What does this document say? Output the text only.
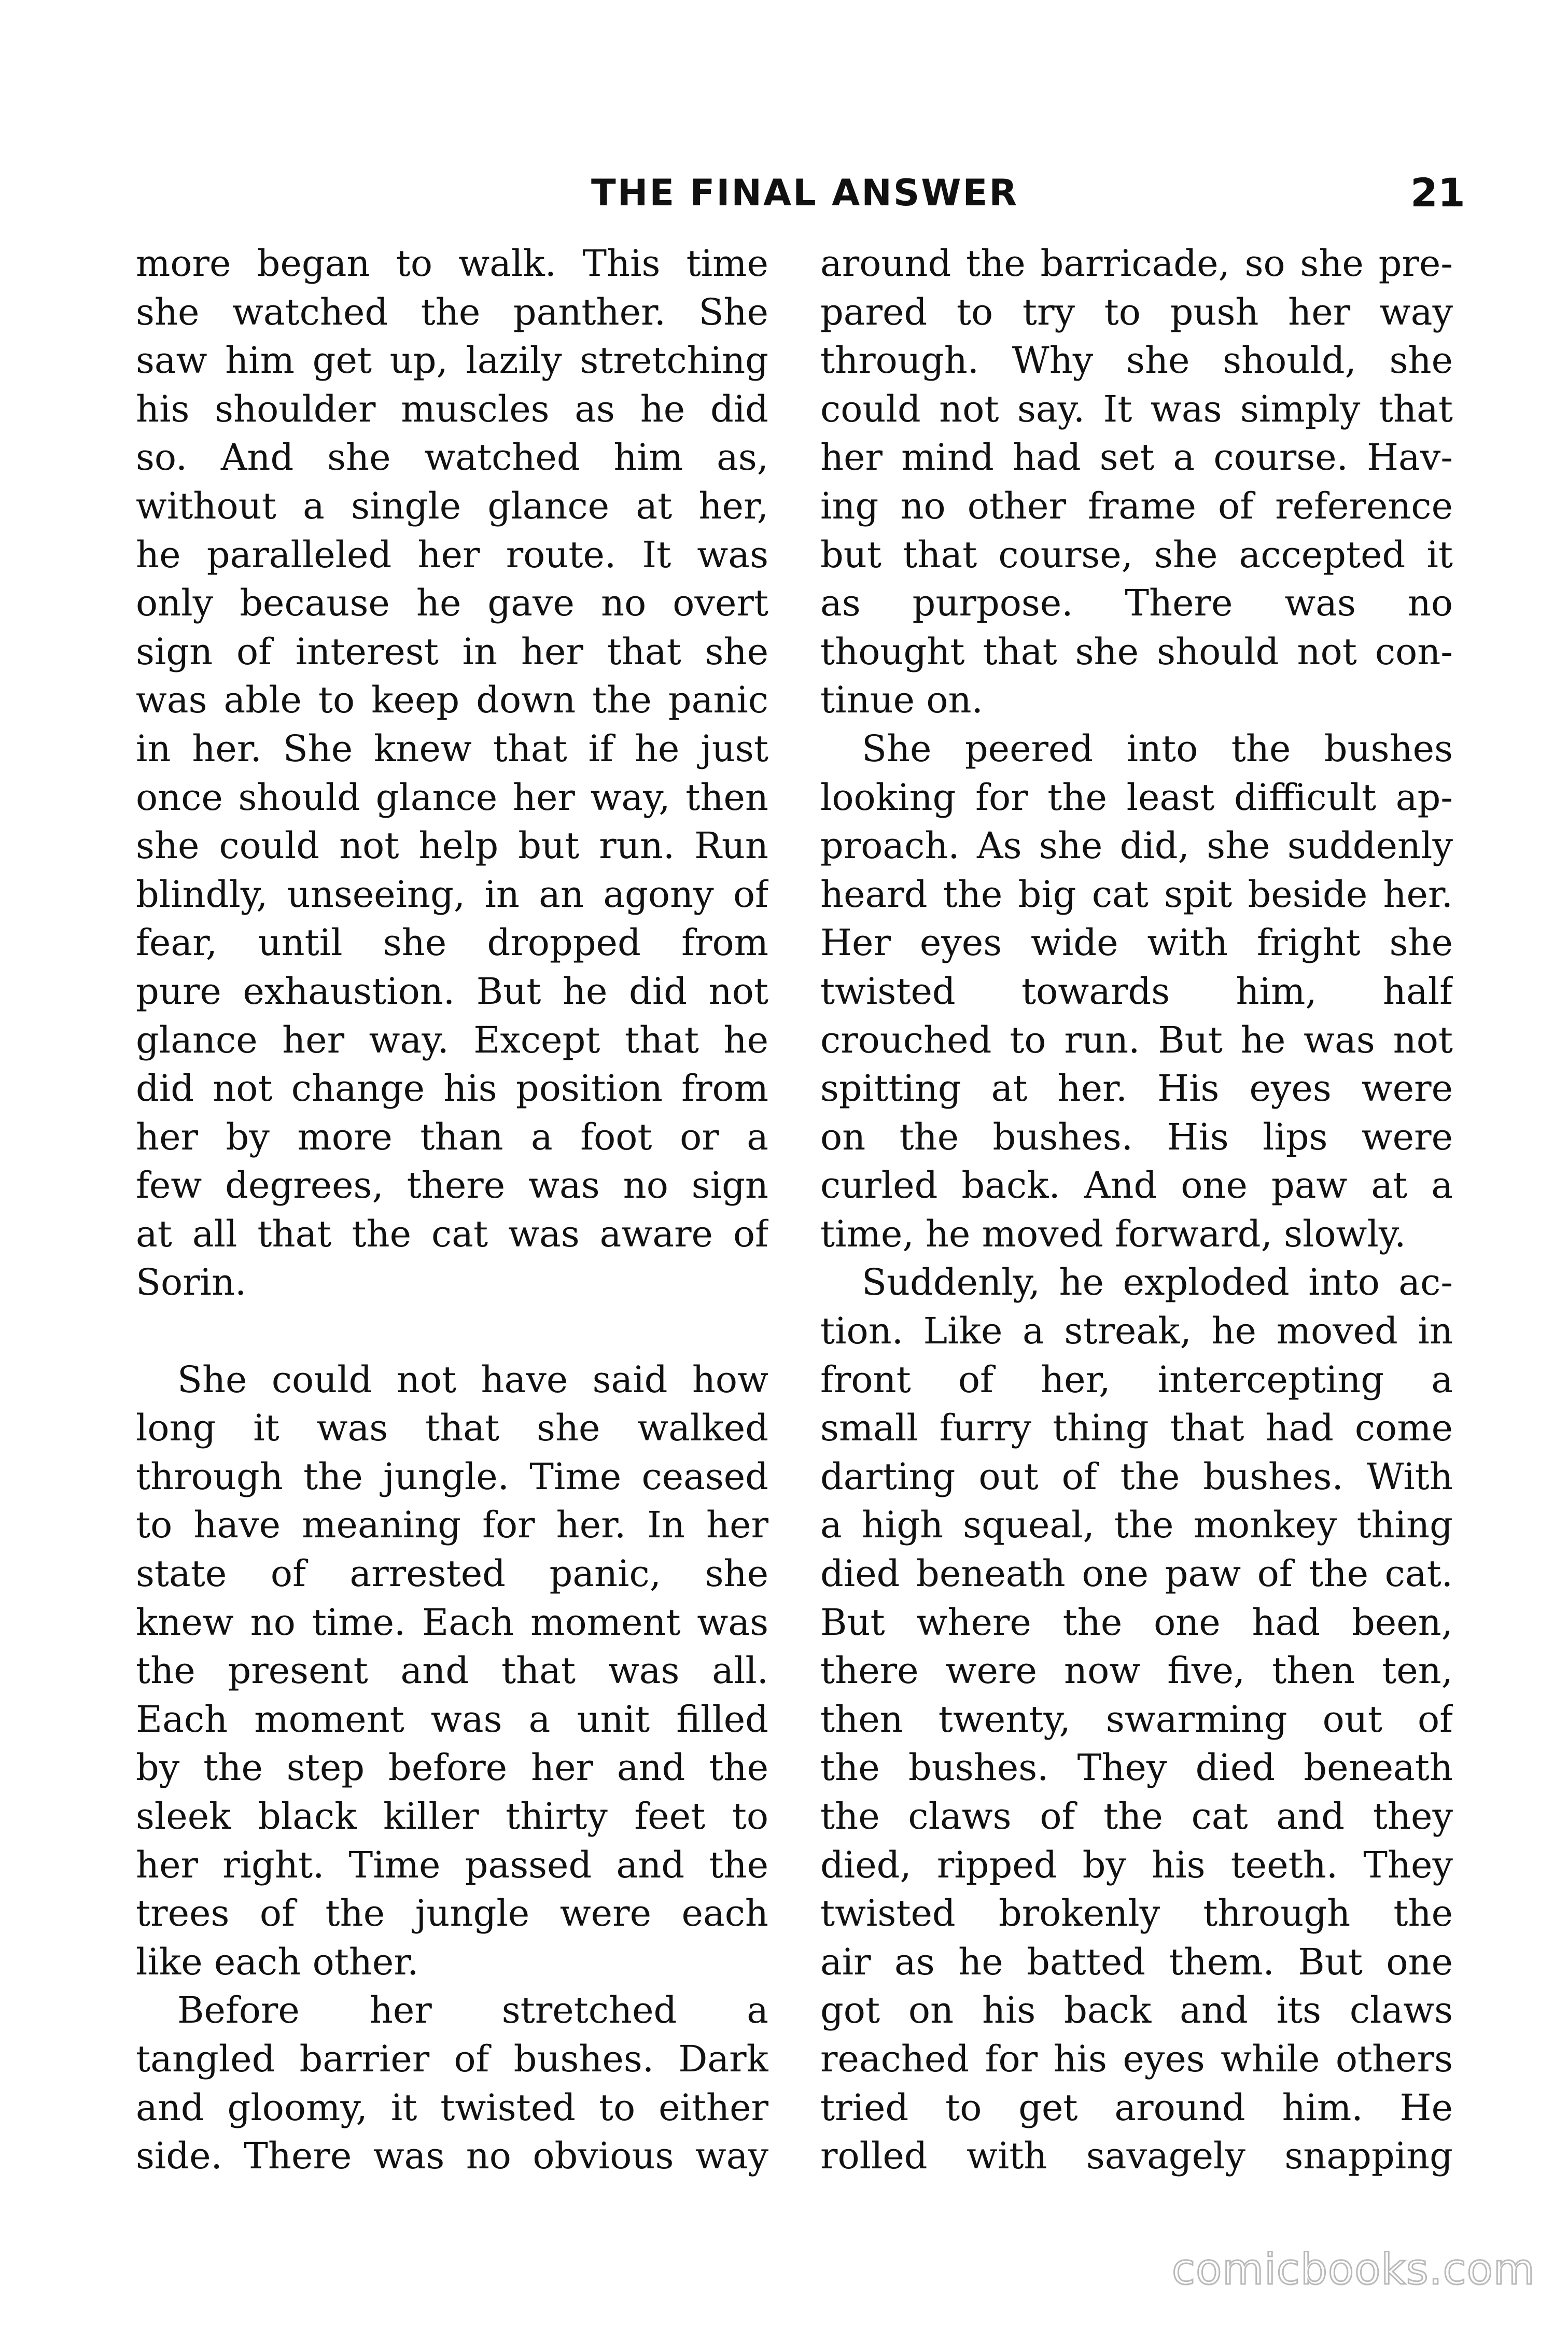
THE FINAL ANSWER	21
more began to walk. This time
she watched the panther. She
saw him get up, lazily stretching
his shoulder muscles as he did
so. And she watched him as,
without a single glance at her,
he paralleled her route. It was
only because he gave no overt
sign of interest in her that she
was able to keep down the panic
in her. She knew that if he just
once should glance her way, then
she could not help but run. Run
blindly, unseeing, in an agony of
fear, until she dropped from
pure exhaustion. But he did not
glance her way. Except that he
did not change his position from
her by more than a foot or a
few degrees, there was no sign
at all that the cat was aware of
Sorin.
She could not have said how
long it was that she walked
through the jungle. Time ceased
to have meaning for her. In her
state of arrested panic, she
knew no time. Each moment was
the present and that was all.
Each moment was a unit filled
by the step before her and the
sleek black killer thirty feet to
her right. Time passed and the
trees of the jungle were each
like each other.
Before her stretched a
tangled barrier of bushes. Dark
and gloomy, it twisted to either
side. There was no obvious way
around the barricade, so she pre-
pared to try to push her way
through. Why she should, she
could not say. It was simply that
her mind had set a course. Hav-
ing no other frame of reference
but that course, she accepted it
as purpose. There was no
thought that she should not con-
tinue on.
She peered into the bushes
looking for the least difficult ap-
proach. As she did, she suddenly
heard the big cat spit beside her.
Her eyes wide with fright she
twisted towards him, half
crouched to run. But he was not
spitting at her. His eyes were
on the bushes. His lips were
curled back. And one paw at a
time, he moved forward, slowly.
Suddenly, he exploded into ac-
tion. Like a streak, he moved in
front of her, intercepting a
small furry thing that had come
darting out of the bushes. With
a high squeal, the monkey thing
died beneath one paw of the cat.
But where the one had been,
there were now five, then ten,
then twenty, swarming out of
the bushes. They died beneath
the claws of the cat and they
died, ripped by his teeth. They
twisted brokenly through the
air as he batted them. But one
got on his back and its claws
reached for his eyes while others
tried to get around him. He
rolled with savagely snapping
comicbooks.com
